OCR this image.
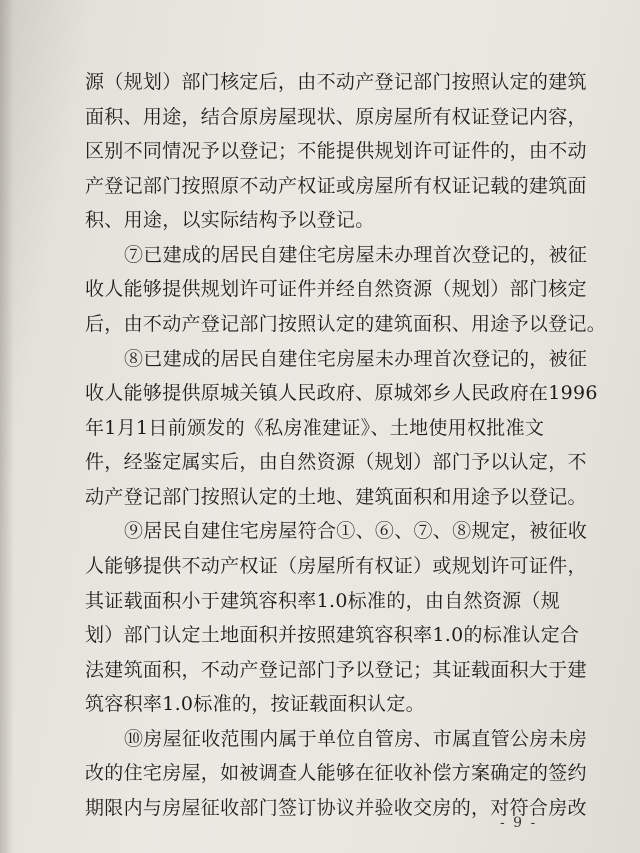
源（规划）部门核定后，由不动产登记部门按照认定的建筑
面积、用途，结合原房屋现状、原房屋所有权证登记内容，
区别不同情况予以登记；不能提供规划许可证件的，由不动
产登记部门按照原不动产权证或房屋所有权证记载的建筑面
积、用途，以实际结构予以登记。
⑦已建成的居民自建住宅房屋未办理首次登记的，被征
收人能够提供规划许可证件并经自然资源（规划）部门核定
后，由不动产登记部门按照认定的建筑面积、用途予以登记。
⑧已建成的居民自建住宅房屋未办理首次登记的，被征
收人能够提供原城关镇人民政府、原城郊乡人民政府在1996
年1月1日前颁发的《私房准建证》、土地使用权批准文
件，经鉴定属实后，由自然资源（规划）部门予以认定，不
动产登记部门按照认定的土地、建筑面积和用途予以登记。
⑨居民自建住宅房屋符合①、⑥、⑦、⑧规定，被征收
人能够提供不动产权证（房屋所有权证）或规划许可证件，
其证载面积小于建筑容积率1.0标准的，由自然资源（规
划）部门认定土地面积并按照建筑容积率1.0的标准认定合
法建筑面积，不动产登记部门予以登记；其证载面积大于建
筑容积率1.0标准的，按证载面积认定。
⑩房屋征收范围内属于单位自管房、市属直管公房未房
改的住宅房屋，如被调查人能够在征收补偿方案确定的签约
期限内与房屋征收部门签订协议并验收交房的，对符合房改
- 9 -
